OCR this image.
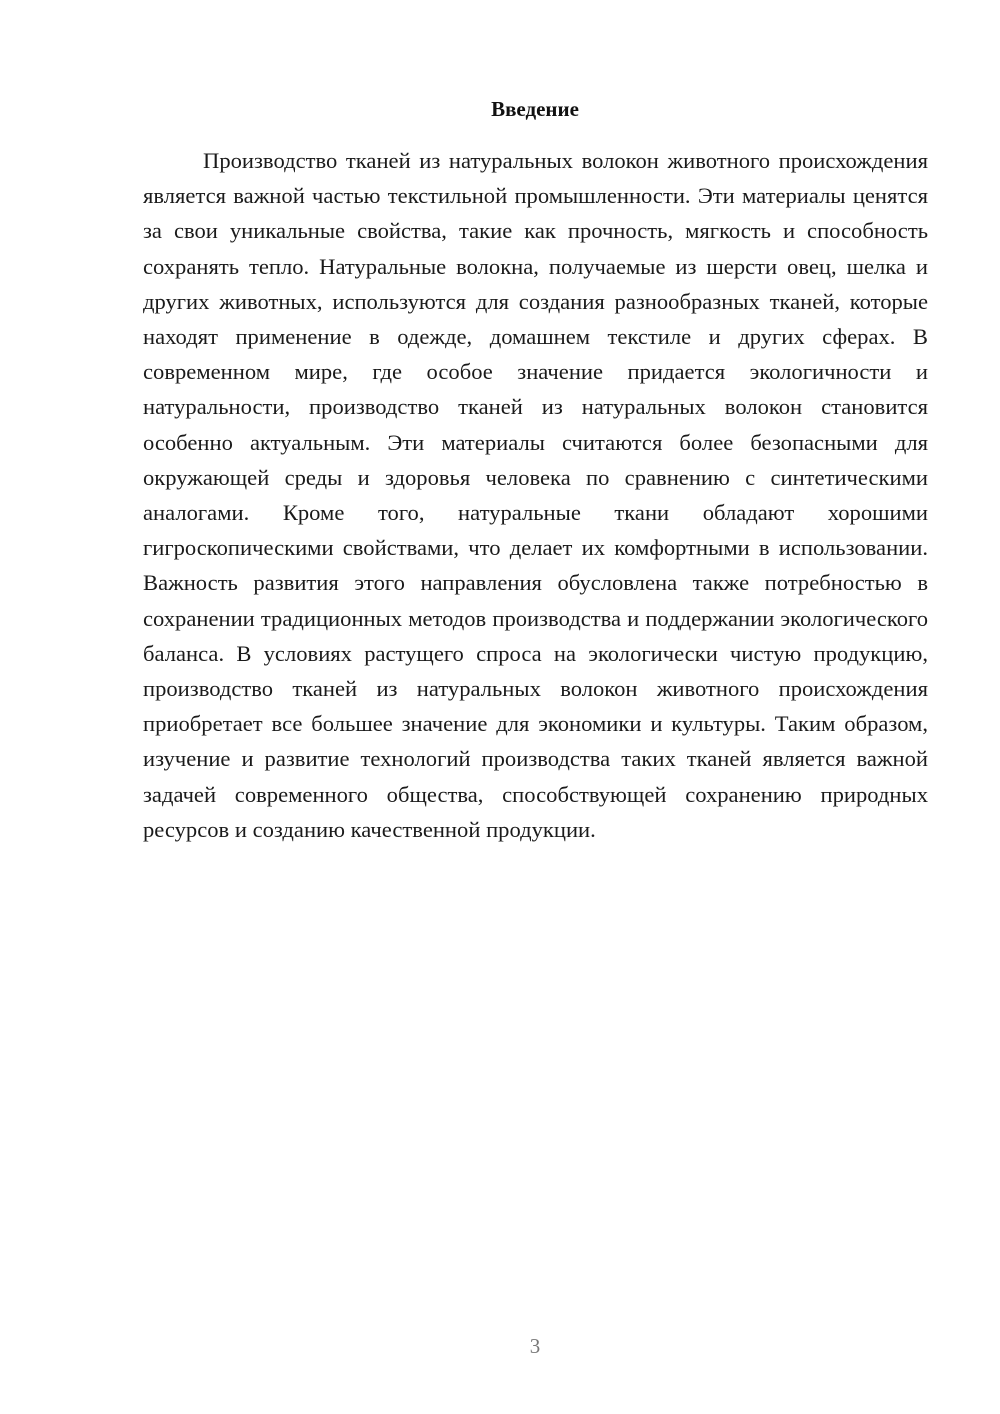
Введение

Производство тканей из натуральных волокон животного происхождения является важной частью текстильной промышленности. Эти материалы ценятся за свои уникальные свойства, такие как прочность, мягкость и способность сохранять тепло. Натуральные волокна, получаемые из шерсти овец, шелка и других животных, используются для создания разнообразных тканей, которые находят применение в одежде, домашнем текстиле и других сферах. В современном мире, где особое значение придается экологичности и натуральности, производство тканей из натуральных волокон становится особенно актуальным. Эти материалы считаются более безопасными для окружающей среды и здоровья человека по сравнению с синтетическими аналогами. Кроме того, натуральные ткани обладают хорошими гигроскопическими свойствами, что делает их комфортными в использовании. Важность развития этого направления обусловлена также потребностью в сохранении традиционных методов производства и поддержании экологического баланса. В условиях растущего спроса на экологически чистую продукцию, производство тканей из натуральных волокон животного происхождения приобретает все большее значение для экономики и культуры. Таким образом, изучение и развитие технологий производства таких тканей является важной задачей современного общества, способствующей сохранению природных ресурсов и созданию качественной продукции.

3
